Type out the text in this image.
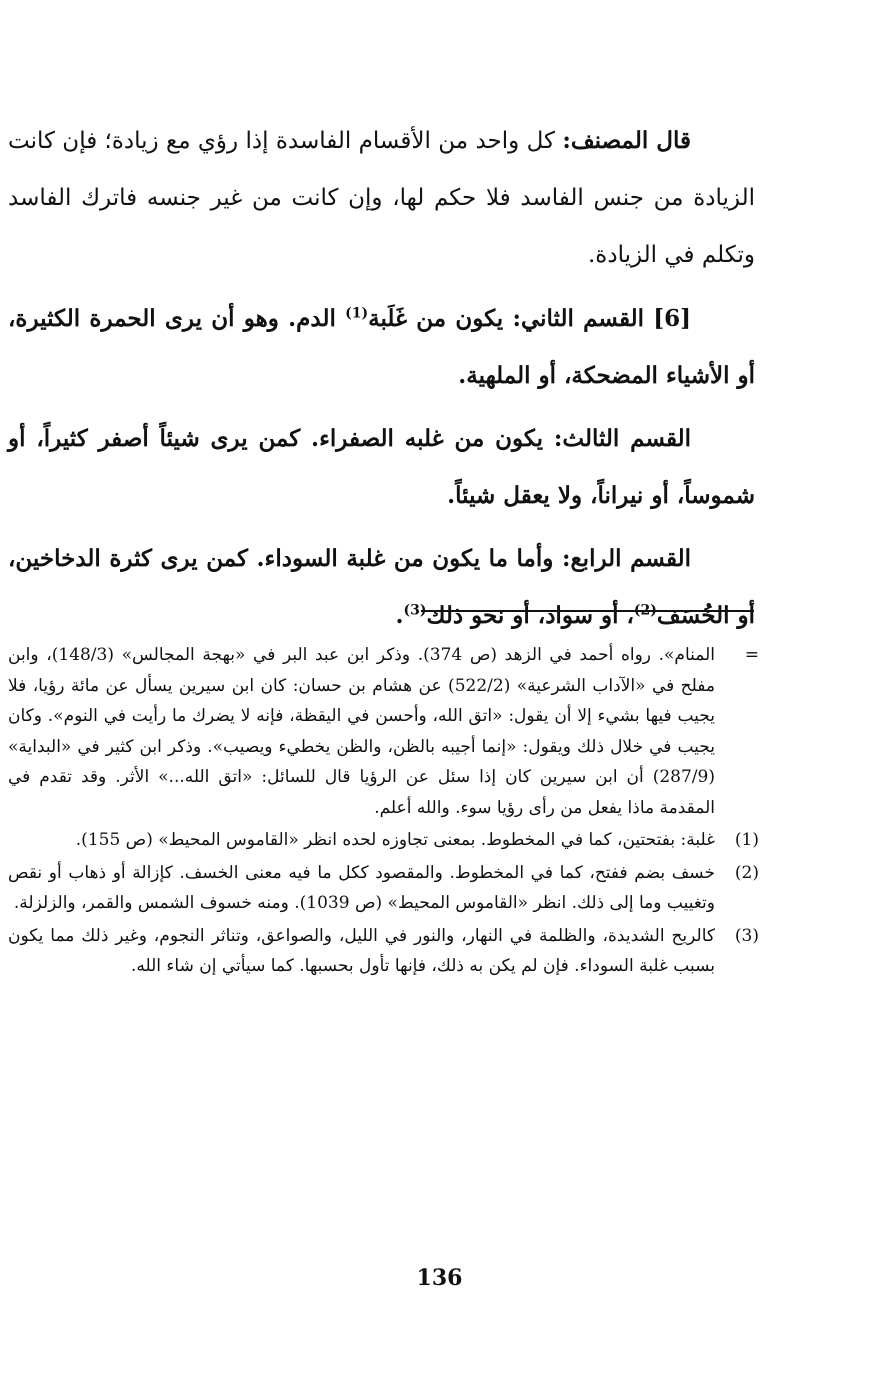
قال المصنف: كل واحد من الأقسام الفاسدة إذا رؤي مع زيادة؛ فإن كانت الزيادة من جنس الفاسد فلا حكم لها، وإن كانت من غير جنسه فاترك الفاسد وتكلم في الزيادة.

[6] القسم الثاني: يكون من غَلَبة$^{(1)}$ الدم. وهو أن يرى الحمرة الكثيرة، أو الأشياء المضحكة، أو الملهية.

القسم الثالث: يكون من غلبه الصفراء. كمن يرى شيئاً أصفر كثيراً، أو شموساً، أو نيراناً، ولا يعقل شيئاً.

القسم الرابع: وأما ما يكون من غلبة السوداء. كمن يرى كثرة الدخاخين، أو الخُسَف$^{(2)}$، أو سواد، أو نحو ذلك$^{(3)}$.

=
المنام». رواه أحمد في الزهد (ص 374). وذكر ابن عبد البر في «بهجة المجالس» (148/3)، وابن مفلح في «الآداب الشرعية» (522/2) عن هشام بن حسان: كان ابن سيرين يسأل عن مائة رؤيا، فلا يجيب فيها بشيء إلا أن يقول: «اتق الله، وأحسن في اليقظة، فإنه لا يضرك ما رأيت في النوم». وكان يجيب في خلال ذلك ويقول: «إنما أجيبه بالظن، والظن يخطيء ويصيب». وذكر ابن كثير في «البداية» (287/9) أن ابن سيرين كان إذا سئل عن الرؤيا قال للسائل: «اتق الله...» الأثر. وقد تقدم في المقدمة ماذا يفعل من رأى رؤيا سوء. والله أعلم.
(1)
غلبة: بفتحتين، كما في المخطوط. بمعنى تجاوزه لحده انظر «القاموس المحيط» (ص 155).
(2)
خسف بضم ففتح، كما في المخطوط. والمقصود ككل ما فيه معنى الخسف. كإزالة أو ذهاب أو نقص وتغييب وما إلى ذلك. انظر «القاموس المحيط» (ص 1039). ومنه خسوف الشمس والقمر، والزلزلة.
(3)
كالريح الشديدة، والظلمة في النهار، والنور في الليل، والصواعق، وتناثر النجوم، وغير ذلك مما يكون بسبب غلبة السوداء. فإن لم يكن به ذلك، فإنها تأول بحسبها. كما سيأتي إن شاء الله.
136
